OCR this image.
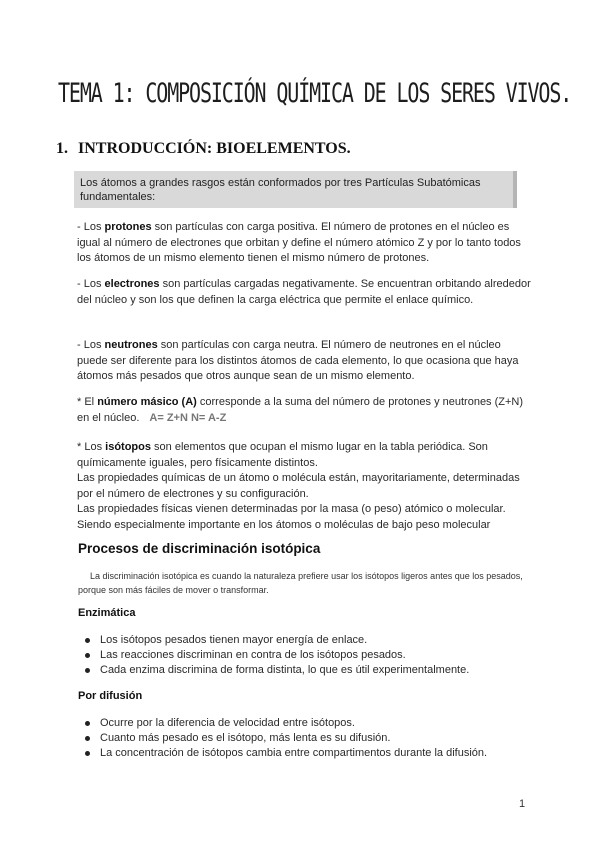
TEMA 1: COMPOSICIÓN QUÍMICA DE LOS SERES VIVOS.
1. INTRODUCCIÓN: BIOELEMENTOS.
Los átomos a grandes rasgos están conformados por tres Partículas Subatómicas fundamentales:
- Los protones son partículas con carga positiva. El número de protones en el núcleo es igual al número de electrones que orbitan y define el número atómico Z y por lo tanto todos los átomos de un mismo elemento tienen el mismo número de protones.
- Los electrones son partículas cargadas negativamente. Se encuentran orbitando alrededor del núcleo y son los que definen la carga eléctrica que permite el enlace químico.
- Los neutrones son partículas con carga neutra. El número de neutrones en el núcleo puede ser diferente para los distintos átomos de cada elemento, lo que ocasiona que haya átomos más pesados que otros aunque sean de un mismo elemento.
* El número másico (A) corresponde a la suma del número de protones y neutrones (Z+N) en el núcleo. A= Z+N N= A-Z
* Los isótopos son elementos que ocupan el mismo lugar en la tabla periódica. Son químicamente iguales, pero físicamente distintos.
Las propiedades químicas de un átomo o molécula están, mayoritariamente, determinadas por el número de electrones y su configuración.
Las propiedades físicas vienen determinadas por la masa (o peso) atómico o molecular. Siendo especialmente importante en los átomos o moléculas de bajo peso molecular
Procesos de discriminación isotópica
La discriminación isotópica es cuando la naturaleza prefiere usar los isótopos ligeros antes que los pesados, porque son más fáciles de mover o transformar.
Enzimática
Los isótopos pesados tienen mayor energía de enlace.
Las reacciones discriminan en contra de los isótopos pesados.
Cada enzima discrimina de forma distinta, lo que es útil experimentalmente.
Por difusión
Ocurre por la diferencia de velocidad entre isótopos.
Cuanto más pesado es el isótopo, más lenta es su difusión.
La concentración de isótopos cambia entre compartimentos durante la difusión.
1
